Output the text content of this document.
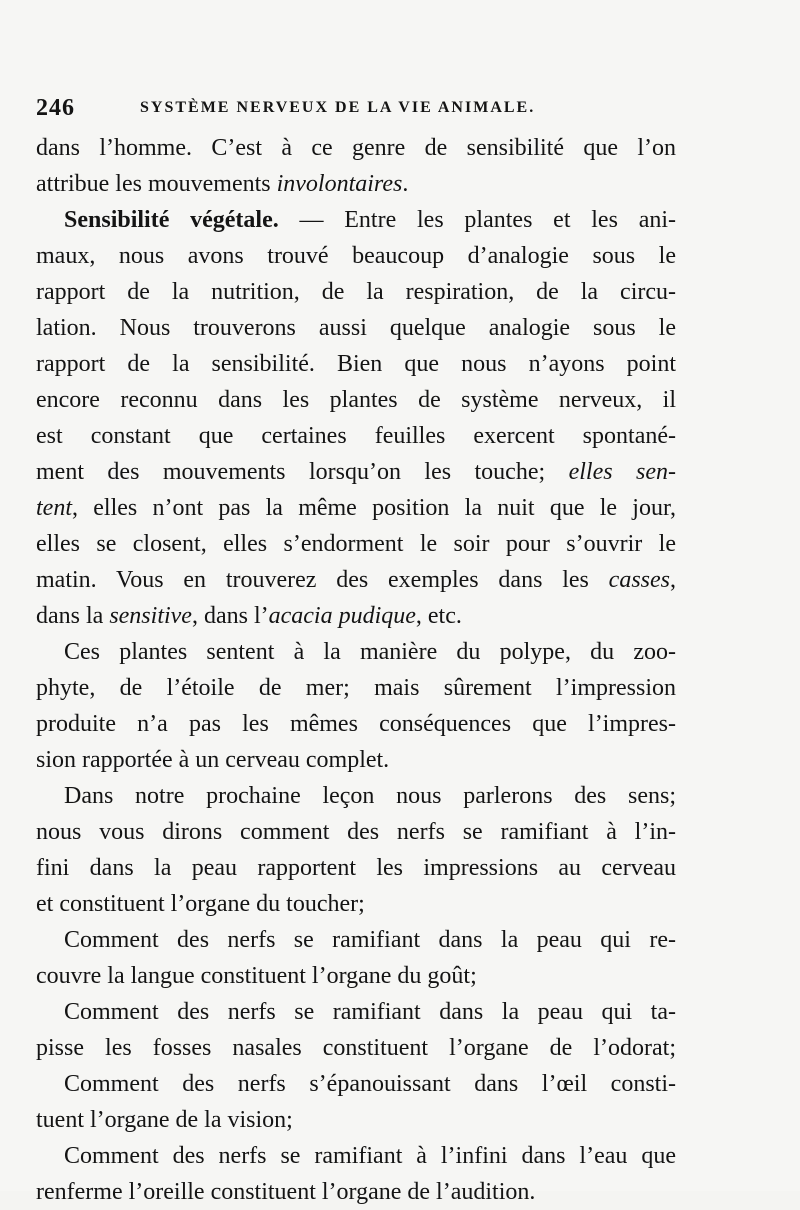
246	SYSTÈME NERVEUX DE LA VIE ANIMALE.
dans l’homme. C’est à ce genre de sensibilité que l’on
attribue les mouvements involontaires.
Sensibilité végétale. — Entre les plantes et les ani-
maux, nous avons trouvé beaucoup d’analogie sous le
rapport de la nutrition, de la respiration, de la circu-
lation. Nous trouverons aussi quelque analogie sous le
rapport de la sensibilité. Bien que nous n’ayons point
encore reconnu dans les plantes de système nerveux, il
est constant que certaines feuilles exercent spontané-
ment des mouvements lorsqu’on les touche; elles sen-
tent, elles n’ont pas la même position la nuit que le jour,
elles se closent, elles s’endorment le soir pour s’ouvrir le
matin. Vous en trouverez des exemples dans les casses,
dans la sensitive, dans l’acacia pudique, etc.
Ces plantes sentent à la manière du polype, du zoo-
phyte, de l’étoile de mer; mais sûrement l’impression
produite n’a pas les mêmes conséquences que l’impres-
sion rapportée à un cerveau complet.
Dans notre prochaine leçon nous parlerons des sens;
nous vous dirons comment des nerfs se ramifiant à l’in-
fini dans la peau rapportent les impressions au cerveau
et constituent l’organe du toucher;
Comment des nerfs se ramifiant dans la peau qui re-
couvre la langue constituent l’organe du goût;
Comment des nerfs se ramifiant dans la peau qui ta-
pisse les fosses nasales constituent l’organe de l’odorat;
Comment des nerfs s’épanouissant dans l’œil consti-
tuent l’organe de la vision;
Comment des nerfs se ramifiant à l’infini dans l’eau que
renferme l’oreille constituent l’organe de l’audition.
